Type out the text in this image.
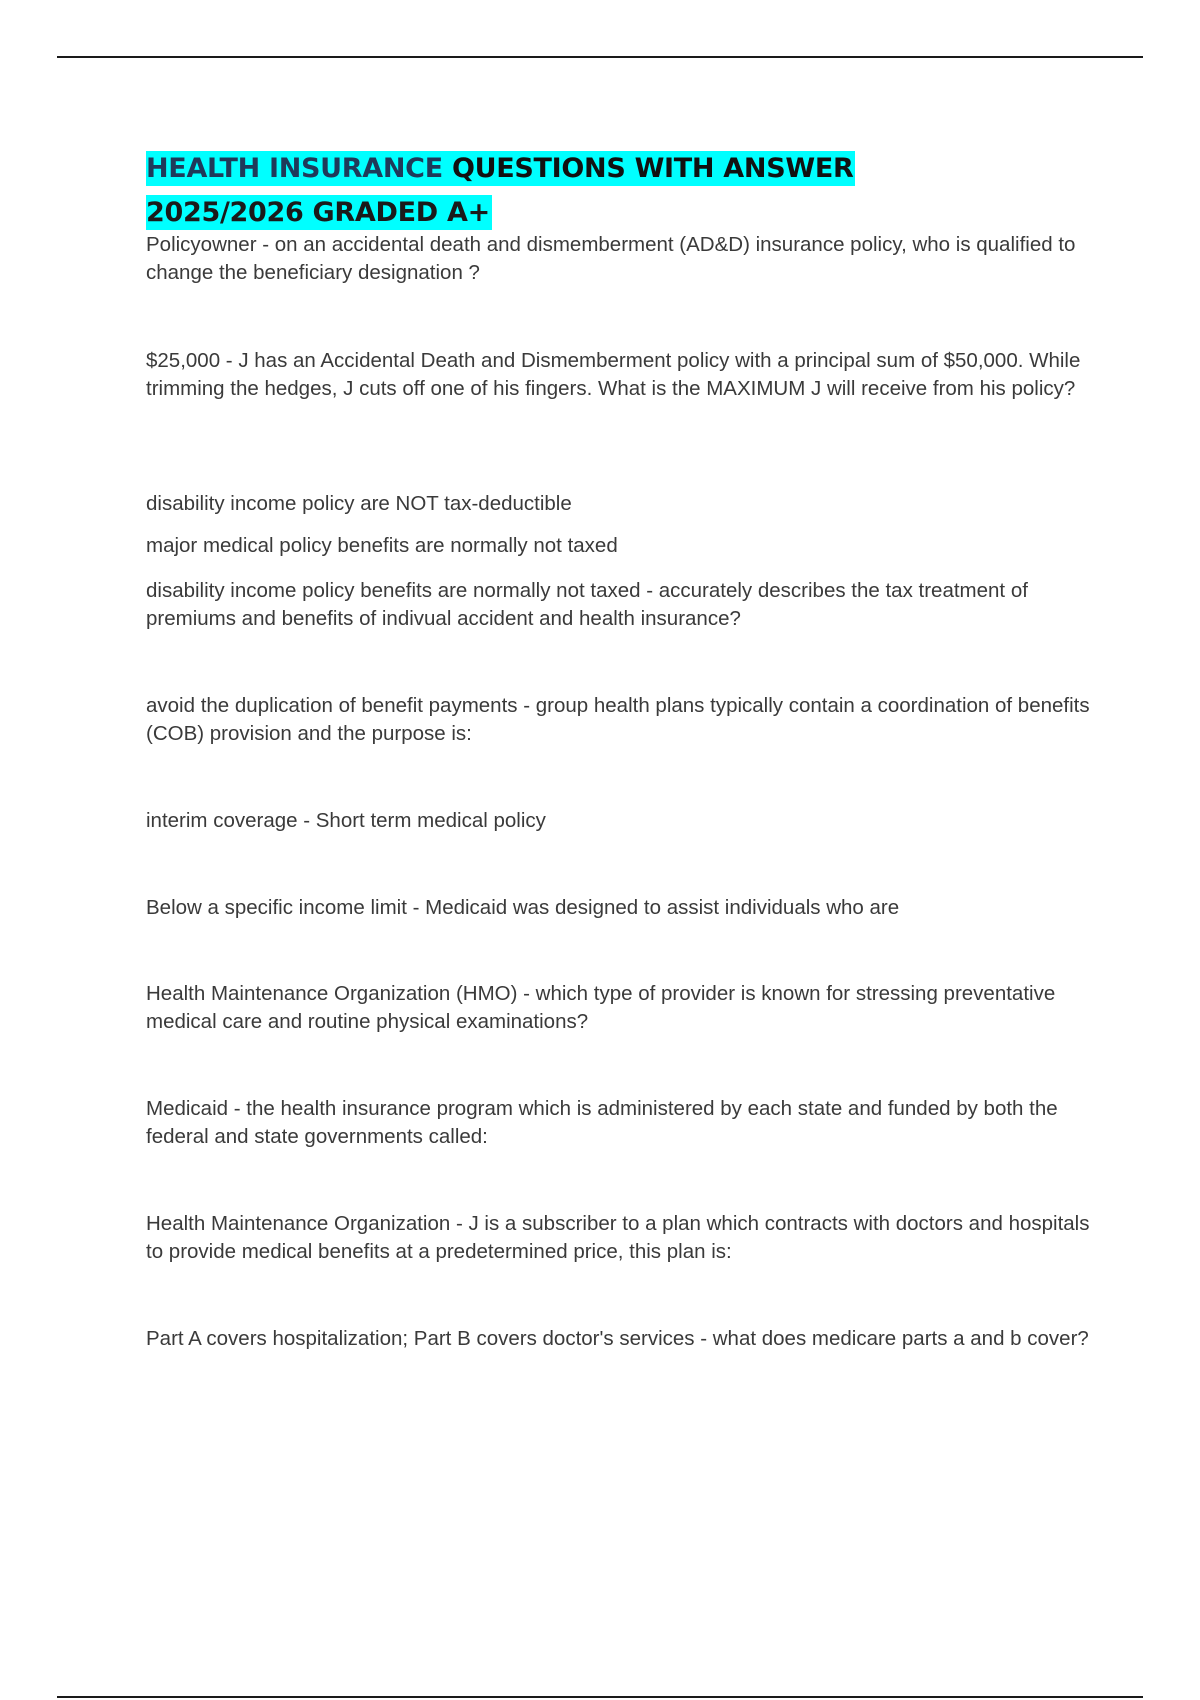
HEALTH INSURANCE QUESTIONS WITH ANSWER
2025/2026 GRADED A+

Policyowner - on an accidental death and dismemberment (AD&D) insurance policy, who is qualified to change the beneficiary designation ?

$25,000 - J has an Accidental Death and Dismemberment policy with a principal sum of $50,000. While trimming the hedges, J cuts off one of his fingers. What is the MAXIMUM J will receive from his policy?

disability income policy are NOT tax-deductible

major medical policy benefits are normally not taxed

disability income policy benefits are normally not taxed - accurately describes the tax treatment of premiums and benefits of indivual accident and health insurance?

avoid the duplication of benefit payments - group health plans typically contain a coordination of benefits (COB) provision and the purpose is:

interim coverage - Short term medical policy

Below a specific income limit - Medicaid was designed to assist individuals who are

Health Maintenance Organization (HMO) - which type of provider is known for stressing preventative medical care and routine physical examinations?

Medicaid - the health insurance program which is administered by each state and funded by both the federal and state governments called:

Health Maintenance Organization - J is a subscriber to a plan which contracts with doctors and hospitals to provide medical benefits at a predetermined price, this plan is:

Part A covers hospitalization; Part B covers doctor's services - what does medicare parts a and b cover?
